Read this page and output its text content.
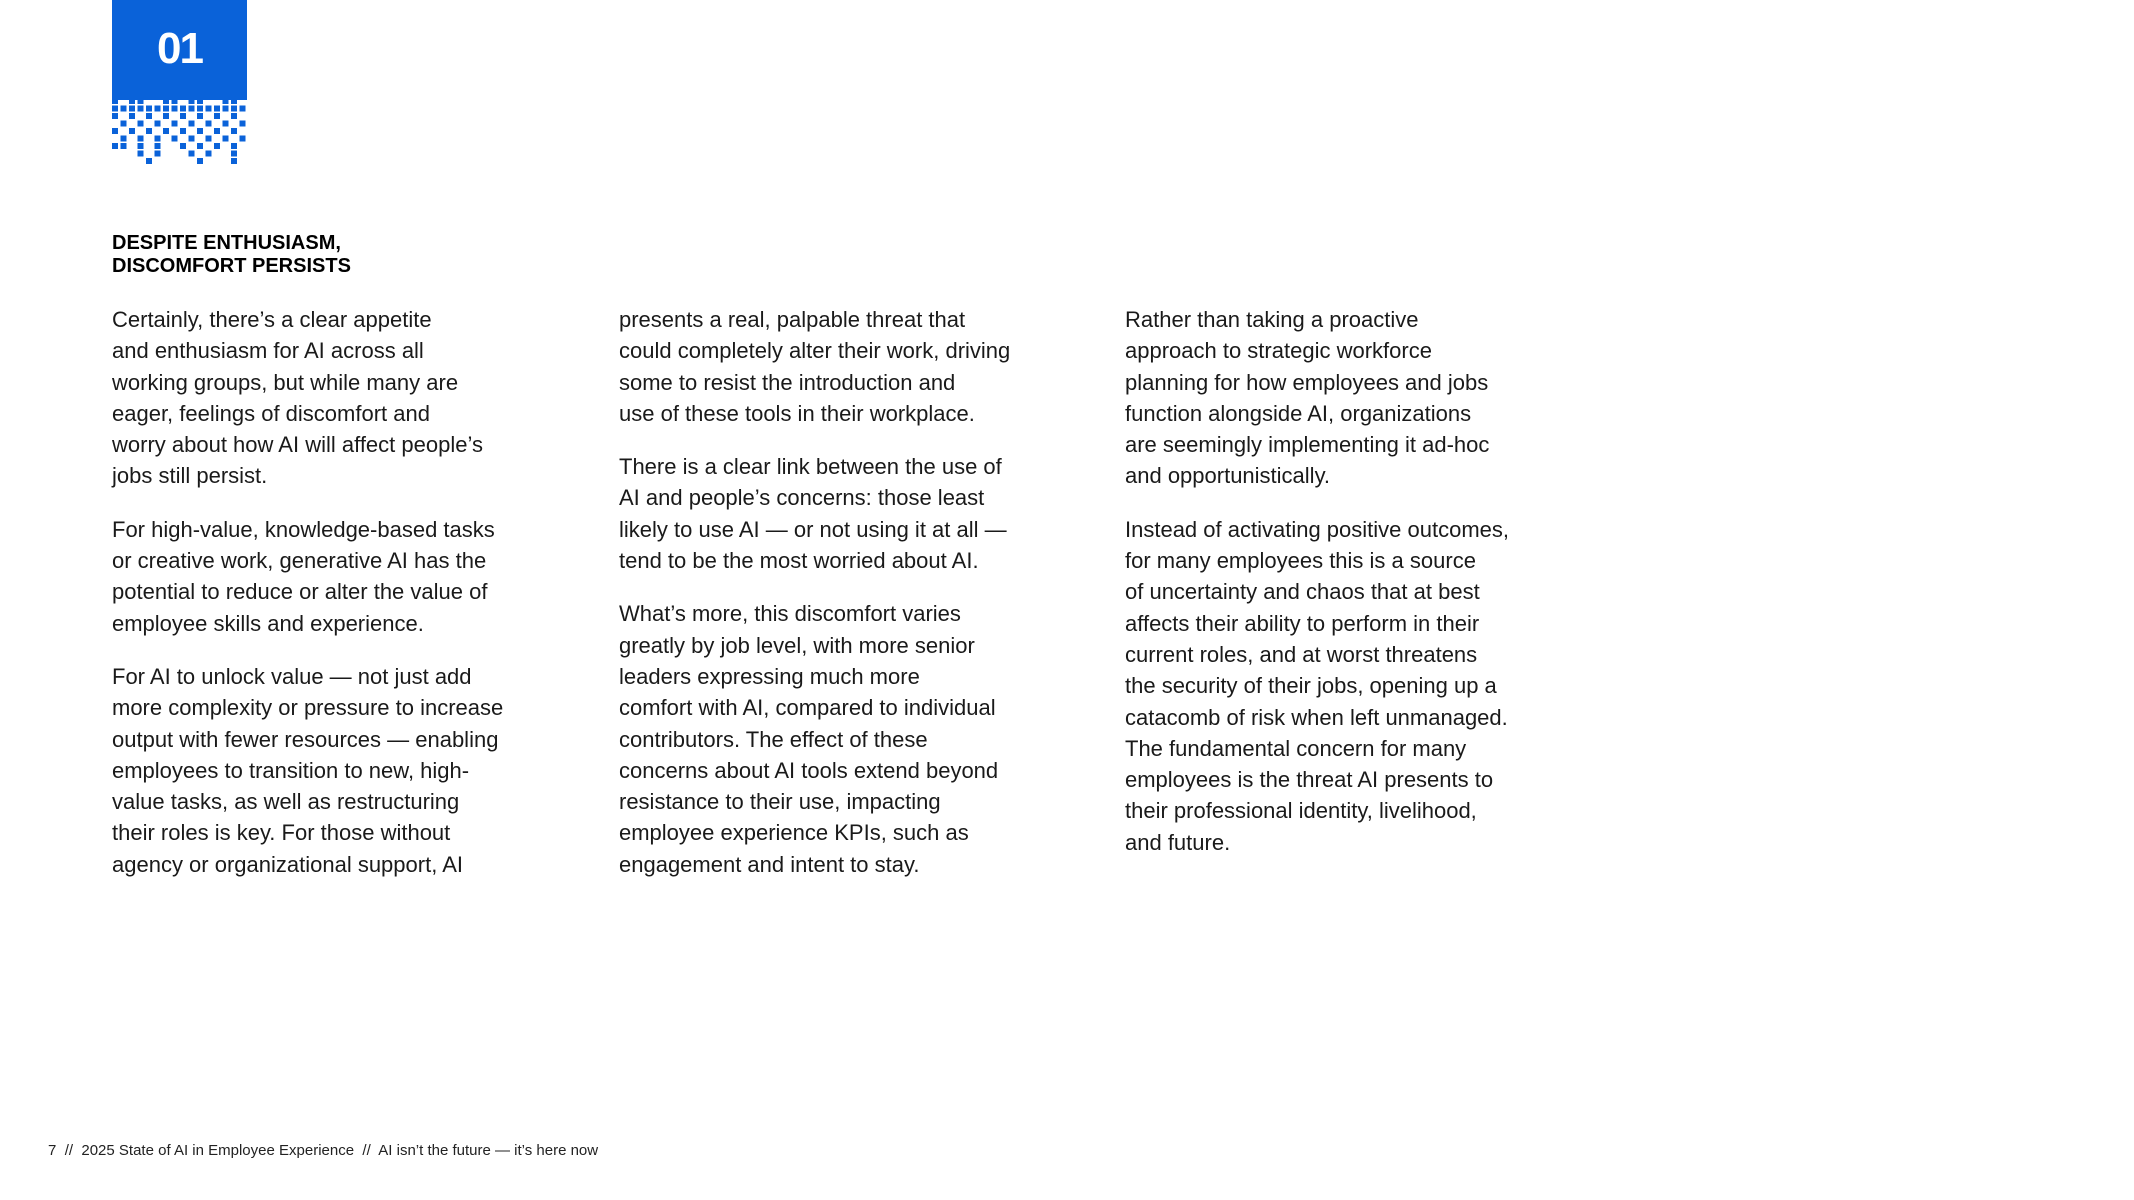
01
DESPITE ENTHUSIASM,
DISCOMFORT PERSISTS
Certainly, there’s a clear appetite
and enthusiasm for AI across all
working groups, but while many are
eager, feelings of discomfort and
worry about how AI will affect people’s
jobs still persist.
For high-value, knowledge-based tasks
or creative work, generative AI has the
potential to reduce or alter the value of
employee skills and experience.
For AI to unlock value — not just add
more complexity or pressure to increase
output with fewer resources — enabling
employees to transition to new, high-
value tasks, as well as restructuring
their roles is key. For those without
agency or organizational support, AI
presents a real, palpable threat that
could completely alter their work, driving
some to resist the introduction and
use of these tools in their workplace.
There is a clear link between the use of
AI and people’s concerns: those least
likely to use AI — or not using it at all —
tend to be the most worried about AI.
What’s more, this discomfort varies
greatly by job level, with more senior
leaders expressing much more
comfort with AI, compared to individual
contributors. The effect of these
concerns about AI tools extend beyond
resistance to their use, impacting
employee experience KPIs, such as
engagement and intent to stay.
Rather than taking a proactive
approach to strategic workforce
planning for how employees and jobs
function alongside AI, organizations
are seemingly implementing it ad-hoc
and opportunistically.
Instead of activating positive outcomes,
for many employees this is a source
of uncertainty and chaos that at best
affects their ability to perform in their
current roles, and at worst threatens
the security of their jobs, opening up a
catacomb of risk when left unmanaged.
The fundamental concern for many
employees is the threat AI presents to
their professional identity, livelihood,
and future.
7 // 2025 State of AI in Employee Experience // AI isn’t the future — it’s here now
